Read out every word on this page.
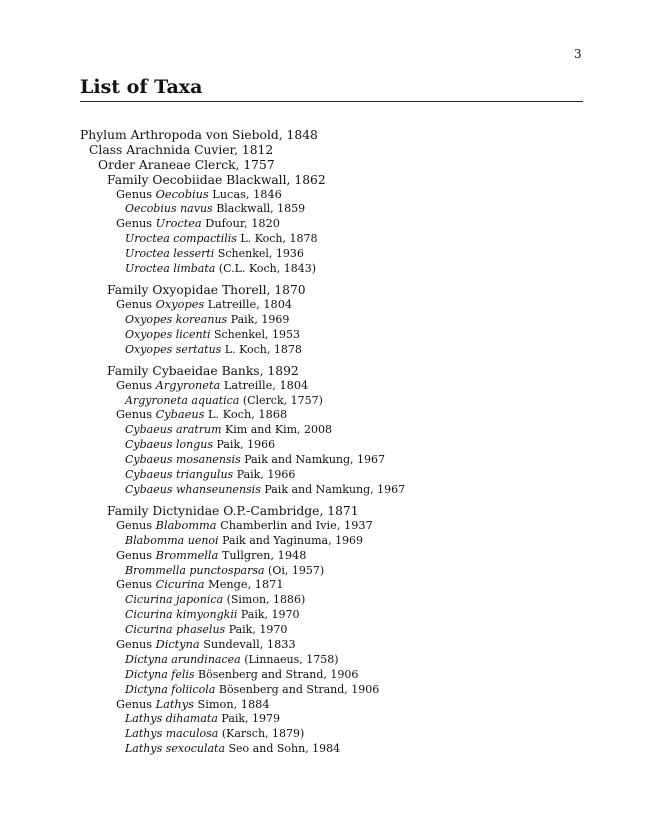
3
List of Taxa
Phylum Arthropoda von Siebold, 1848
Class Arachnida Cuvier, 1812
Order Araneae Clerck, 1757
Family Oecobiidae Blackwall, 1862
Genus Oecobius Lucas, 1846
Oecobius navus Blackwall, 1859
Genus Uroctea Dufour, 1820
Uroctea compactilis L. Koch, 1878
Uroctea lesserti Schenkel, 1936
Uroctea limbata (C.L. Koch, 1843)
Family Oxyopidae Thorell, 1870
Genus Oxyopes Latreille, 1804
Oxyopes koreanus Paik, 1969
Oxyopes licenti Schenkel, 1953
Oxyopes sertatus L. Koch, 1878
Family Cybaeidae Banks, 1892
Genus Argyroneta Latreille, 1804
Argyroneta aquatica (Clerck, 1757)
Genus Cybaeus L. Koch, 1868
Cybaeus aratrum Kim and Kim, 2008
Cybaeus longus Paik, 1966
Cybaeus mosanensis Paik and Namkung, 1967
Cybaeus triangulus Paik, 1966
Cybaeus whanseunensis Paik and Namkung, 1967
Family Dictynidae O.P.-Cambridge, 1871
Genus Blabomma Chamberlin and Ivie, 1937
Blabomma uenoi Paik and Yaginuma, 1969
Genus Brommella Tullgren, 1948
Brommella punctosparsa (Oi, 1957)
Genus Cicurina Menge, 1871
Cicurina japonica (Simon, 1886)
Cicurina kimyongkii Paik, 1970
Cicurina phaselus Paik, 1970
Genus Dictyna Sundevall, 1833
Dictyna arundinacea (Linnaeus, 1758)
Dictyna felis Bösenberg and Strand, 1906
Dictyna foliicola Bösenberg and Strand, 1906
Genus Lathys Simon, 1884
Lathys dihamata Paik, 1979
Lathys maculosa (Karsch, 1879)
Lathys sexoculata Seo and Sohn, 1984
